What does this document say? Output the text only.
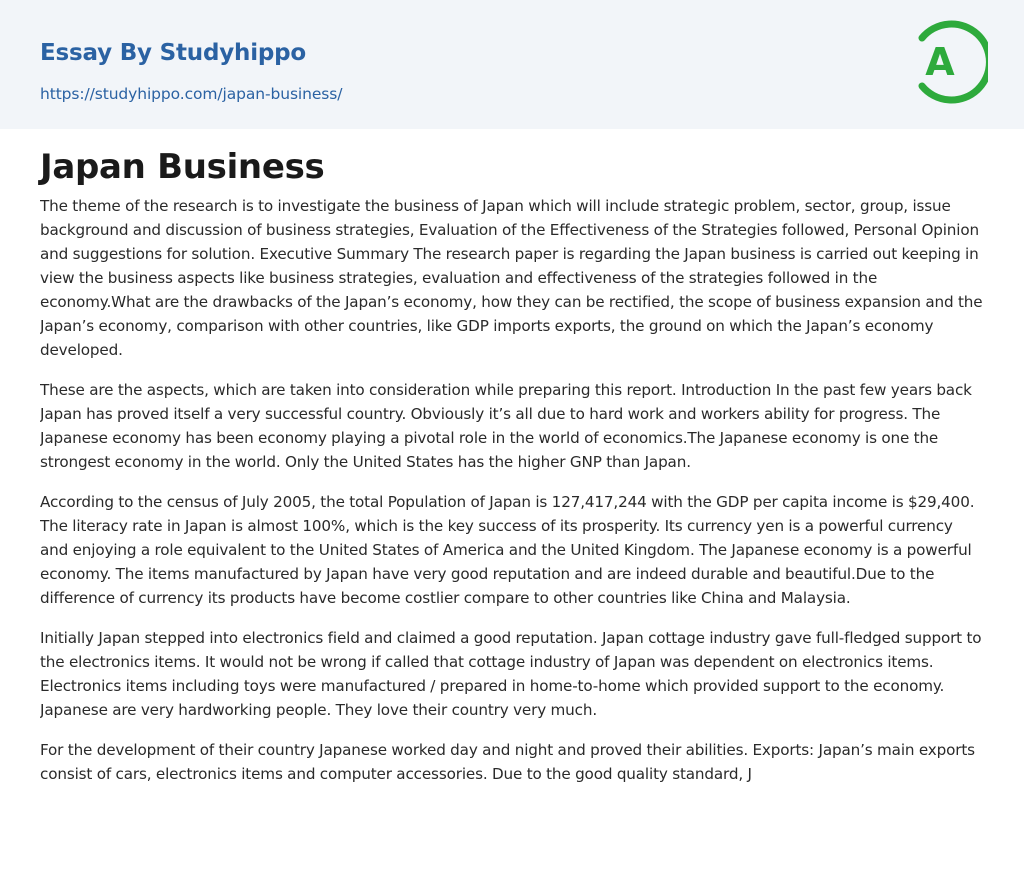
Essay By Studyhippo
https://studyhippo.com/japan-business/
A
Japan Business

The theme of the research is to investigate the business of Japan which will include strategic problem, sector, group, issue background and discussion of business strategies, Evaluation of the Effectiveness of the Strategies followed, Personal Opinion and suggestions for solution. Executive Summary The research paper is regarding the Japan business is carried out keeping in view the business aspects like business strategies, evaluation and effectiveness of the strategies followed in the economy.What are the drawbacks of the Japan’s economy, how they can be rectified, the scope of business expansion and the Japan’s economy, comparison with other countries, like GDP imports exports, the ground on which the Japan’s economy developed.

These are the aspects, which are taken into consideration while preparing this report. Introduction In the past few years back Japan has proved itself a very successful country. Obviously it’s all due to hard work and workers ability for progress. The Japanese economy has been economy playing a pivotal role in the world of economics.The Japanese economy is one the strongest economy in the world. Only the United States has the higher GNP than Japan.

According to the census of July 2005, the total Population of Japan is 127,417,244 with the GDP per capita income is $29,400. The literacy rate in Japan is almost 100%, which is the key success of its prosperity. Its currency yen is a powerful currency and enjoying a role equivalent to the United States of America and the United Kingdom. The Japanese economy is a powerful economy. The items manufactured by Japan have very good reputation and are indeed durable and beautiful.Due to the difference of currency its products have become costlier compare to other countries like China and Malaysia.

Initially Japan stepped into electronics field and claimed a good reputation. Japan cottage industry gave full-fledged support to the electronics items. It would not be wrong if called that cottage industry of Japan was dependent on electronics items. Electronics items including toys were manufactured / prepared in home-to-home which provided support to the economy. Japanese are very hardworking people. They love their country very much.

For the development of their country Japanese worked day and night and proved their abilities. Exports: Japan’s main exports consist of cars, electronics items and computer accessories. Due to the good quality standard, J
